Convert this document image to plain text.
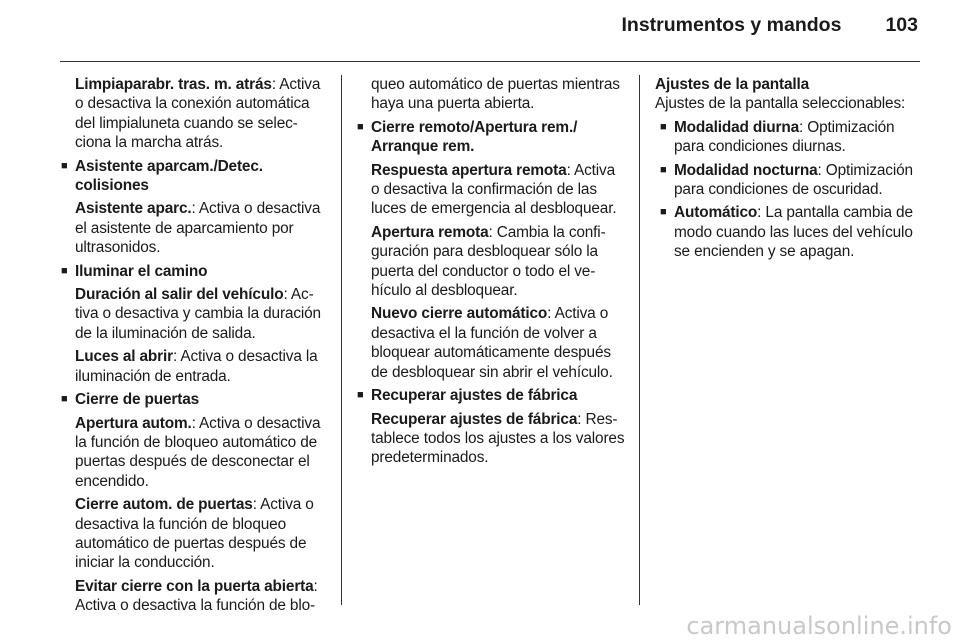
Instrumentos y mandos 103

Limpiaparabr. tras. m. atrás: Activa o desactiva la conexión automática del limpialuneta cuando se selecciona la marcha atrás.

■ Asistente aparcam./Detec. colisiones

Asistente aparc.: Activa o desactiva el asistente de aparcamiento por ultrasonidos.

■ Iluminar el camino

Duración al salir del vehículo: Activa o desactiva y cambia la duración de la iluminación de salida.

Luces al abrir: Activa o desactiva la iluminación de entrada.

■ Cierre de puertas

Apertura autom.: Activa o desactiva la función de bloqueo automático de puertas después de desconectar el encendido.

Cierre autom. de puertas: Activa o desactiva la función de bloqueo automático de puertas después de iniciar la conducción.

Evitar cierre con la puerta abierta: Activa o desactiva la función de blo-

queo automático de puertas mientras haya una puerta abierta.

■ Cierre remoto/Apertura rem./ Arranque rem.

Respuesta apertura remota: Activa o desactiva la confirmación de las luces de emergencia al desbloquear.

Apertura remota: Cambia la configuración para desbloquear sólo la puerta del conductor o todo el vehículo al desbloquear.

Nuevo cierre automático: Activa o desactiva el la función de volver a bloquear automáticamente después de desbloquear sin abrir el vehículo.

■ Recuperar ajustes de fábrica

Recuperar ajustes de fábrica: Restablece todos los ajustes a los valores predeterminados.

Ajustes de la pantalla

Ajustes de la pantalla seleccionables:

■ Modalidad diurna: Optimización para condiciones diurnas.
■ Modalidad nocturna: Optimización para condiciones de oscuridad.
■ Automático: La pantalla cambia de modo cuando las luces del vehículo se encienden y se apagan.
carmanualsonline.info
